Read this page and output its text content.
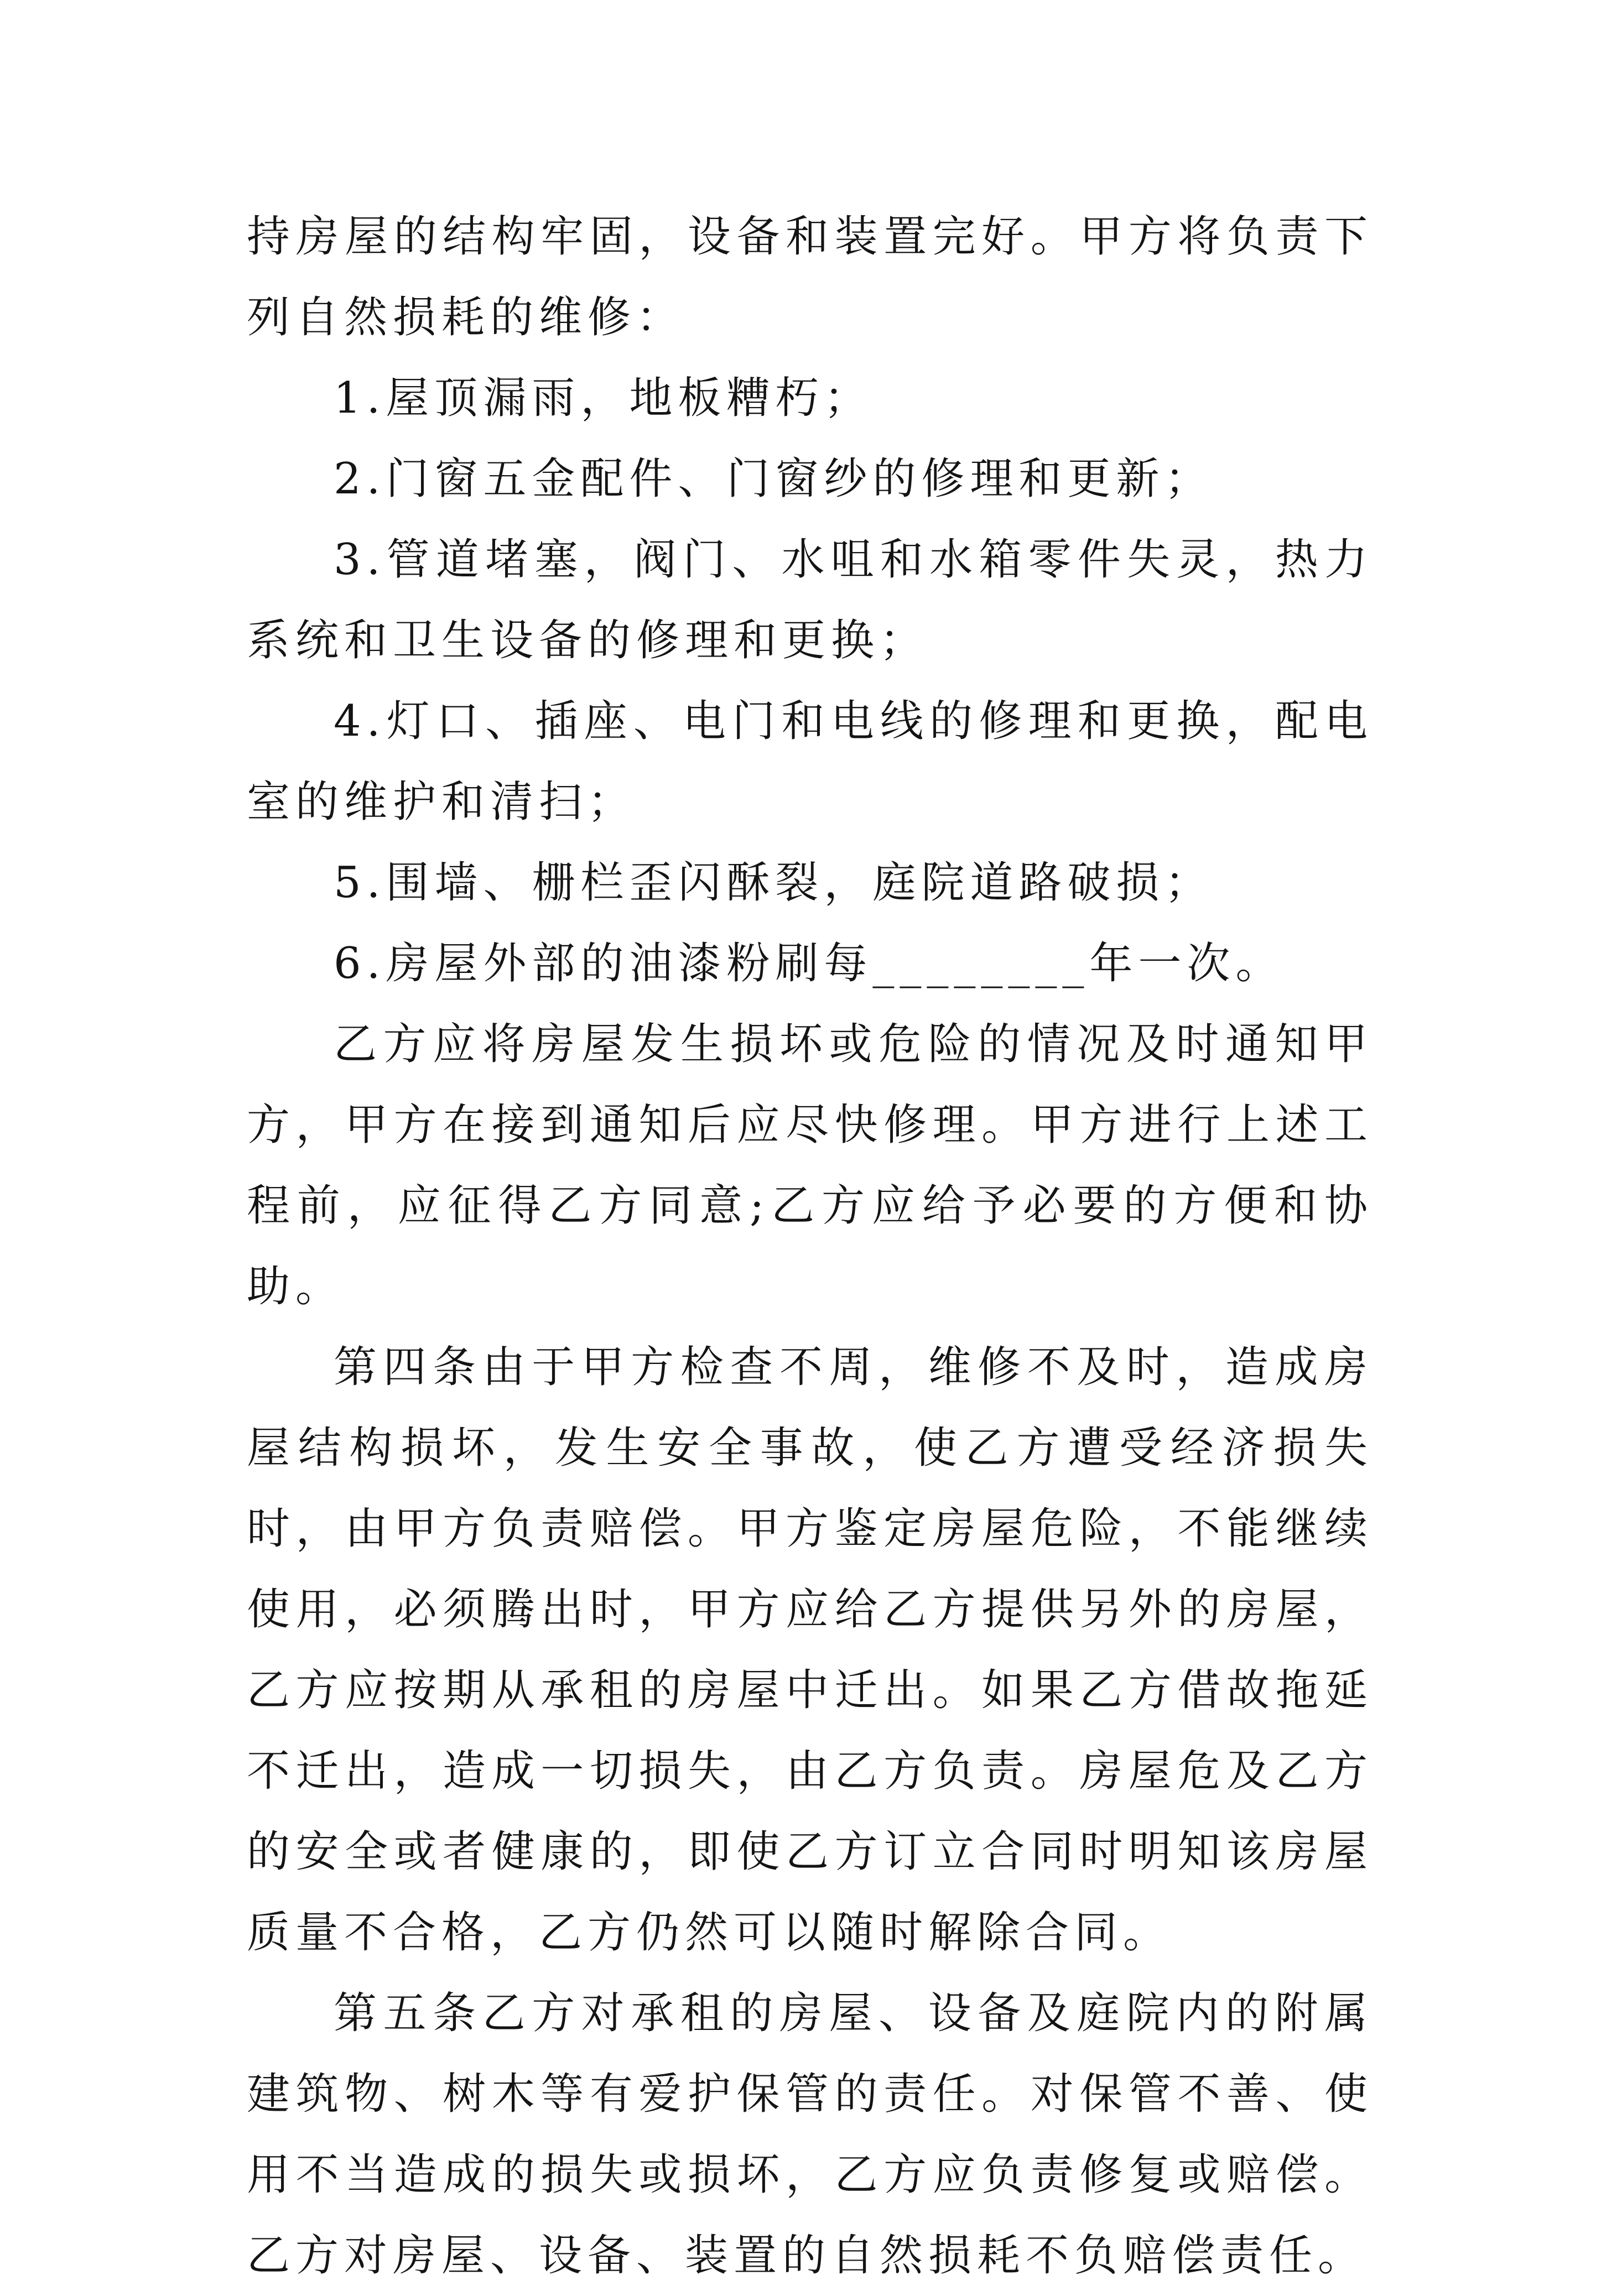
持房屋的结构牢固，设备和装置完好。甲方将负责下列自然损耗的维修：

1.屋顶漏雨，地板糟朽；

2.门窗五金配件、门窗纱的修理和更新；

3.管道堵塞，阀门、水咀和水箱零件失灵，热力系统和卫生设备的修理和更换；

4.灯口、插座、电门和电线的修理和更换，配电室的维护和清扫；

5.围墙、栅栏歪闪酥裂，庭院道路破损；

6.房屋外部的油漆粉刷每________年一次。

乙方应将房屋发生损坏或危险的情况及时通知甲方，甲方在接到通知后应尽快修理。甲方进行上述工程前，应征得乙方同意;乙方应给予必要的方便和协助。

第四条由于甲方检查不周，维修不及时，造成房屋结构损坏，发生安全事故，使乙方遭受经济损失时，由甲方负责赔偿。甲方鉴定房屋危险，不能继续使用，必须腾出时，甲方应给乙方提供另外的房屋，乙方应按期从承租的房屋中迁出。如果乙方借故拖延不迁出，造成一切损失，由乙方负责。房屋危及乙方的安全或者健康的，即使乙方订立合同时明知该房屋质量不合格，乙方仍然可以随时解除合同。

第五条乙方对承租的房屋、设备及庭院内的附属建筑物、树木等有爱护保管的责任。对保管不善、使用不当造成的损失或损坏，乙方应负责修复或赔偿。乙方对房屋、设备、装置的自然损耗不负赔偿责任。
